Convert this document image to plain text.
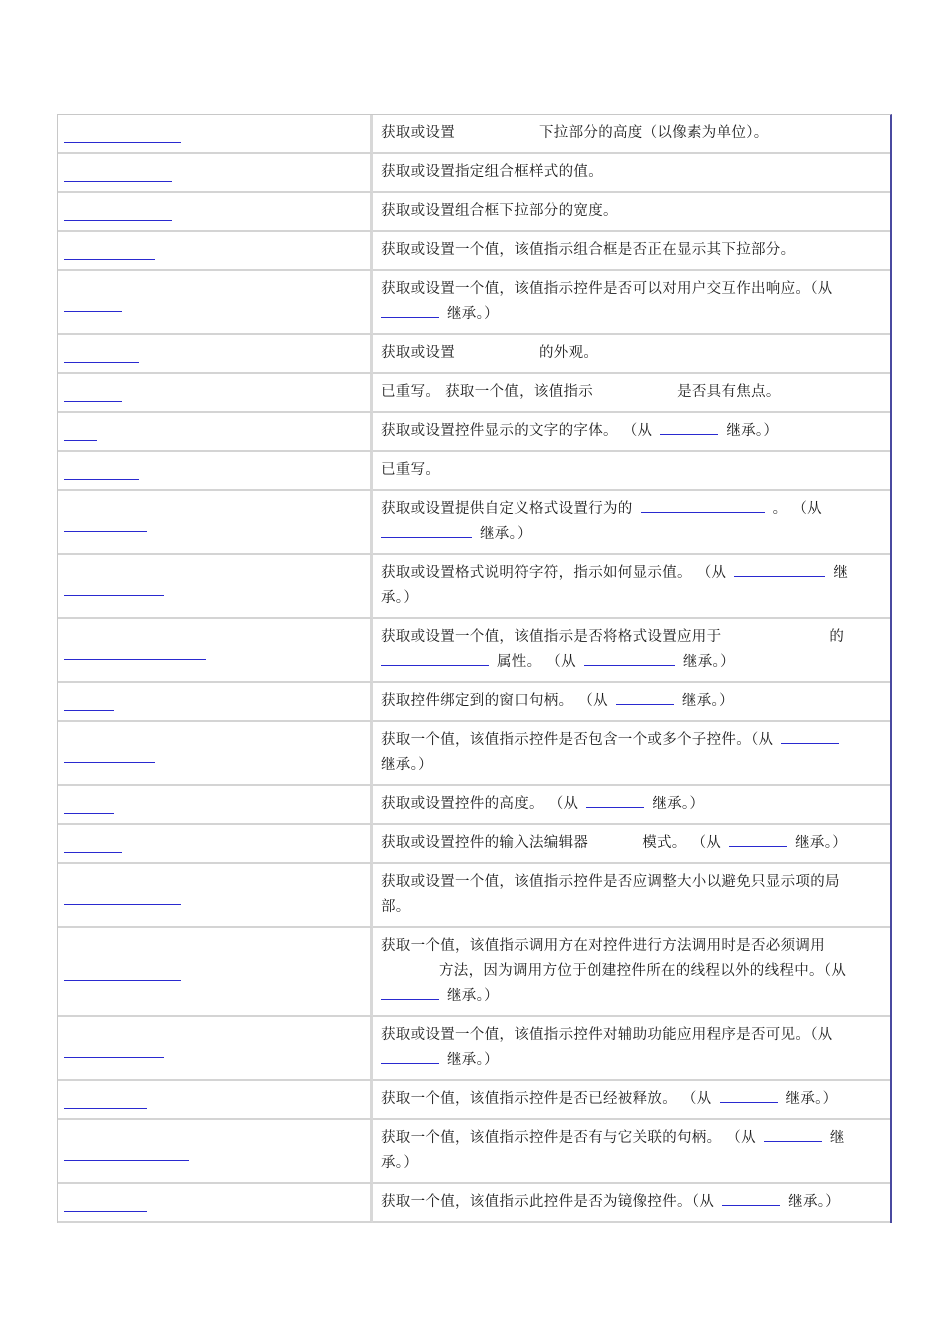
	获取或设置 下拉部分的高度（以像素为单位）。

	获取或设置指定组合框样式的值。

	获取或设置组合框下拉部分的宽度。

	获取或设置一个值，该值指示组合框是否正在显示其下拉部分。

	获取或设置一个值，该值指示控件是否可以对用户交互作出响应。（从
继承。）

	获取或设置 的外观。

	已重写。 获取一个值，该值指示 是否具有焦点。

	获取或设置控件显示的文字的字体。 （从 继承。）

	已重写。

	获取或设置提供自定义格式设置行为的 。 （从
继承。）

	获取或设置格式说明符字符，指示如何显示值。 （从 继
承。）

	获取或设置一个值，该值指示是否将格式设置应用于 的
属性。 （从 继承。）

	获取控件绑定到的窗口句柄。 （从 继承。）

	获取一个值，该值指示控件是否包含一个或多个子控件。（从
继承。）

	获取或设置控件的高度。 （从 继承。）

	获取或设置控件的输入法编辑器 模式。 （从 继承。）

	获取或设置一个值，该值指示控件是否应调整大小以避免只显示项的局
部。

	获取一个值，该值指示调用方在对控件进行方法调用时是否必须调用
方法，因为调用方位于创建控件所在的线程以外的线程中。（从
继承。）

	获取或设置一个值，该值指示控件对辅助功能应用程序是否可见。（从
继承。）

	获取一个值，该值指示控件是否已经被释放。 （从 继承。）

	获取一个值，该值指示控件是否有与它关联的句柄。 （从 继
承。）

	获取一个值，该值指示此控件是否为镜像控件。（从 继承。）
